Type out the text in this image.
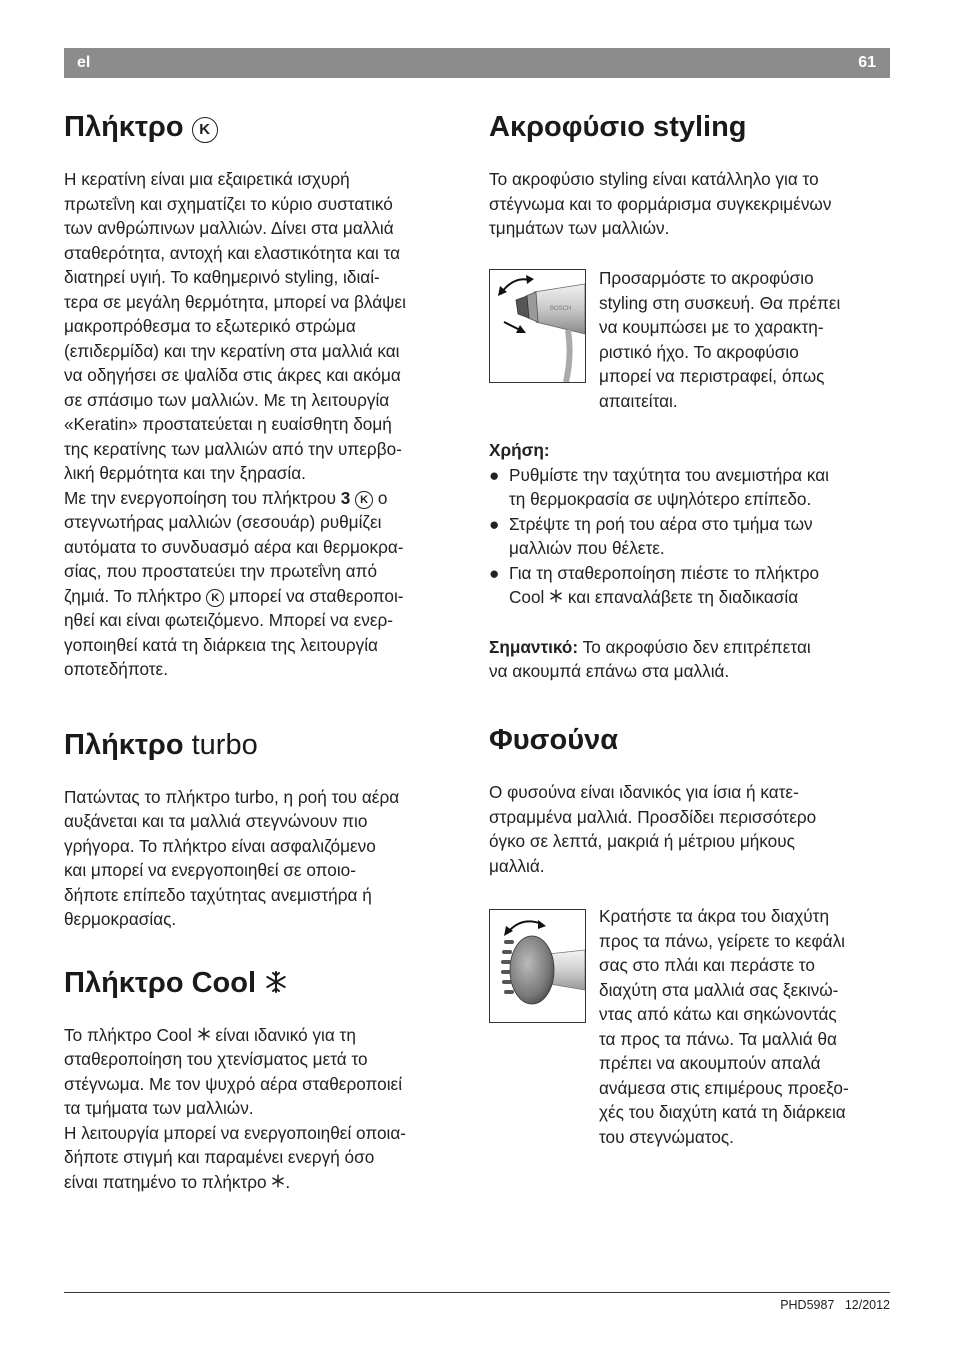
el	61
Πλήκτρο K

Η κερατίνη είναι μια εξαιρετικά ισχυρή
πρωτεΐνη και σχηματίζει το κύριο συστατικό
των ανθρώπινων μαλλιών. Δίνει στα μαλλιά
σταθερότητα, αντοχή και ελαστικότητα και τα
διατηρεί υγιή. Το καθημερινό styling, ιδιαί-
τερα σε μεγάλη θερμότητα, μπορεί να βλάψει
μακροπρόθεσμα το εξωτερικό στρώμα
(επιδερμίδα) και την κερατίνη στα μαλλιά και
να οδηγήσει σε ψαλίδα στις άκρες και ακόμα
σε σπάσιμο των μαλλιών. Με τη λειτουργία
«Keratin» προστατεύεται η ευαίσθητη δομή
της κερατίνης των μαλλιών από την υπερβο-
λική θερμότητα και την ξηρασία.
Με την ενεργοποίηση του πλήκτρου 3 K ο
στεγνωτήρας μαλλιών (σεσουάρ) ρυθμίζει
αυτόματα το συνδυασμό αέρα και θερμοκρα-
σίας, που προστατεύει την πρωτεΐνη από
ζημιά. Το πλήκτρο K μπορεί να σταθεροποι-
ηθεί και είναι φωτειζόμενο. Μπορεί να ενερ-
γοποιηθεί κατά τη διάρκεια της λειτουργία
οποτεδήποτε.

Πλήκτρο turbo

Πατώντας το πλήκτρο turbo, η ροή του αέρα
αυξάνεται και τα μαλλιά στεγνώνουν πιο
γρήγορα. Το πλήκτρο είναι ασφαλιζόμενο
και μπορεί να ενεργοποιηθεί σε οποιο-
δήποτε επίπεδο ταχύτητας ανεμιστήρα ή
θερμοκρασίας.

Πλήκτρο Cool

Το πλήκτρο Cool είναι ιδανικό για τη
σταθεροποίηση του χτενίσματος μετά το
στέγνωμα. Με τον ψυχρό αέρα σταθεροποιεί
τα τμήματα των μαλλιών.
Η λειτουργία μπορεί να ενεργοποιηθεί οποια-
δήποτε στιγμή και παραμένει ενεργή όσο
είναι πατημένο το πλήκτρο .

Ακροφύσιο styling

Το ακροφύσιο styling είναι κατάλληλο για το
στέγνωμα και το φορμάρισμα συγκεκριμένων
τμημάτων των μαλλιών.

BOSCH

Προσαρμόστε το ακροφύσιο
styling στη συσκευή. Θα πρέπει
να κουμπώσει με το χαρακτη-
ριστικό ήχο. Το ακροφύσιο
μπορεί να περιστραφεί, όπως
απαιτείται.

Χρήση:

● Ρυθμίστε την ταχύτητα του ανεμιστήρα και
τη θερμοκρασία σε υψηλότερο επίπεδο.
● Στρέψτε τη ροή του αέρα στο τμήμα των
μαλλιών που θέλετε.
● Για τη σταθεροποίηση πιέστε το πλήκτρο
Cool και επαναλάβετε τη διαδικασία

Σημαντικό: Το ακροφύσιο δεν επιτρέπεται
να ακουμπά επάνω στα μαλλιά.

Φυσούνα

Ο φυσούνα είναι ιδανικός για ίσια ή κατε-
στραμμένα μαλλιά. Προσδίδει περισσότερο
όγκο σε λεπτά, μακριά ή μέτριου μήκους
μαλλιά.

Κρατήστε τα άκρα του διαχύτη
προς τα πάνω, γείρετε το κεφάλι
σας στο πλάι και περάστε το
διαχύτη στα μαλλιά σας ξεκινώ-
ντας από κάτω και σηκώνοντάς
τα προς τα πάνω. Τα μαλλιά θα
πρέπει να ακουμπούν απαλά
ανάμεσα στις επιμέρους προεξο-
χές του διαχύτη κατά τη διάρκεια
του στεγνώματος.

PHD5987 12/2012
